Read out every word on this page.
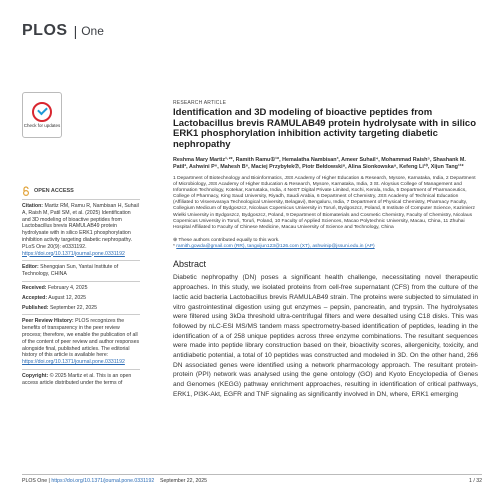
PLOS | One
Check for updates
OPEN ACCESS
Citation: Martiz RM, Ramu R, Nambisan H, Suhail A, Raish M, Patil SM, et al. (2025) Identification and 3D modeling of bioactive peptides from Lactobacillus brevis RAMULAB49 protein hydrolysate with in silico ERK1 phosphorylation inhibition activity targeting diabetic nephropathy. PLoS One 20(9): e0331192. https://doi.org/10.1371/journal.pone.0331192
Editor: Shengqian Sun, Yantai Institute of Technology, CHINA
Received: February 4, 2025
Accepted: August 12, 2025
Published: September 22, 2025
Peer Review History: PLOS recognizes the benefits of transparency in the peer review process; therefore, we enable the publication of all of the content of peer review and author responses alongside final, published articles. The editorial history of this article is available here: https://doi.org/10.1371/journal.pone.0331192
Copyright: © 2025 Martiz et al. This is an open access article distributed under the terms of
RESEARCH ARTICLE
Identification and 3D modeling of bioactive peptides from Lactobacillus brevis RAMULAB49 protein hydrolysate with in silico ERK1 phosphorylation inhibition activity targeting diabetic nephropathy
Reshma Mary Martiz¹·²*, Ramith Ramu①¹*, Hemalatha Nambisan³, Ameer Suhail⁴, Mohammad Raish⁵, Shashank M. Patil², Ashwini P⁶, Mahesh B⁶, Maciej Przybyłek⑦, Piotr Bełdowski⁸, Alina Sionkowska⁹, Kefeng Li¹⁰, Xijun Tang¹¹*
1 Department of Biotechnology and Bioinformatics, JSS Academy of Higher Education & Research, Mysore, Karnataka, India, 2 Department of Microbiology, JSS Academy of Higher Education & Research, Mysore, Karnataka, India, 3 St. Aloysius College of Management and Information Technology, Kotekar, Karnataka, India, 4 NeST Digital Private Limited, Kochi, Kerala, India, 5 Department of Pharmaceutics, College of Pharmacy, King Saud University, Riyadh, Saudi Arabia, 6 Department of Chemistry, JSS Academy of Technical Education (Affiliated to Visvesvaraya Technological University, Belagavi), Bengaluru, India, 7 Department of Physical Chemistry, Pharmacy Faculty, Collegium Medicum of Bydgoszcz, Nicolaus Copernicus University in Toruń, Bydgoszcz, Poland, 8 Institute of Computer Science, Kazimierz Wielki University in Bydgoszcz, Bydgoszcz, Poland, 9 Department of Biomaterials and Cosmetic Chemistry, Faculty of Chemistry, Nicolaus Copernicus University in Toruń, Toruń, Poland, 10 Faculty of Applied Sciences, Macao Polytechnic University, Macau, China, 11 Zhuhai Hospital Affiliated to Faculty of Chinese Medicine, Macau University of Science and Technology, China
⊕ These authors contributed equally to this work.
* ramith.gowda@gmail.com (RR), tangxijun123@126.com (XT), ashwinip@jssuni.edu.in (AP)
Abstract
Diabetic nephropathy (DN) poses a significant health challenge, necessitating novel therapeutic approaches. In this study, we isolated proteins from cell-free supernatant (CFS) from the culture of the lactic acid bacteria Lactobacillus brevis RAMULAB49 strain. The proteins were subjected to simulated in vitro gastrointestinal digestion using gut enzymes – pepsin, pancreatin, and trypsin. The hydrolysates were filtered using 3kDa threshold ultra-centrifugal filters and were desalted using C18 disks. This was followed by nLC-ESI MS/MS tandem mass spectrometry-based identification of peptides, leading in the identification of a of 258 unique peptides across three enzyme combinations. The resultant sequences were made into peptide library construction based on their, bioactivity scores, allergenicity, toxicity, and antidiabetic potential, a total of 10 peptides was constructed and modeled in 3D. On the other hand, 266 DN associated genes were identified using a network pharmacology approach. The resultant protein-protein (PPI) network was analysed using the gene ontology (GO) and Kyoto Encyclopedia of Genes and Genomes (KEGG) pathway enrichment approaches, resulting in identification of critical pathways, ERK1, PI3K-Akt, EGFR and TNF signaling as significantly involved in DN, where, ERK1 emerging
PLOS One | https://doi.org/10.1371/journal.pone.0331192 September 22, 2025	1 / 32
